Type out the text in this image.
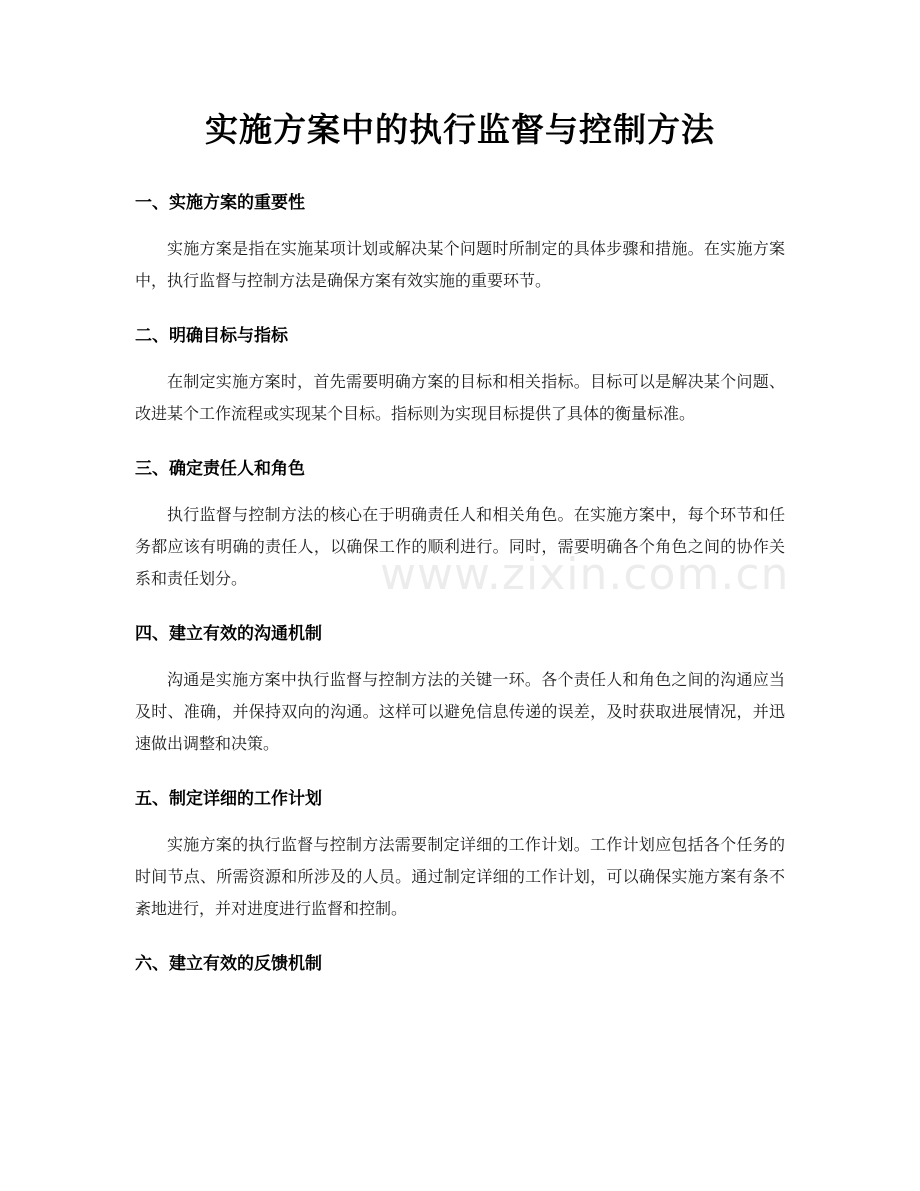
实施方案中的执行监督与控制方法
一、实施方案的重要性

实施方案是指在实施某项计划或解决某个问题时所制定的具体步骤和措施。在实施方案中，执行监督与控制方法是确保方案有效实施的重要环节。

二、明确目标与指标

在制定实施方案时，首先需要明确方案的目标和相关指标。目标可以是解决某个问题、改进某个工作流程或实现某个目标。指标则为实现目标提供了具体的衡量标准。

三、确定责任人和角色

执行监督与控制方法的核心在于明确责任人和相关角色。在实施方案中，每个环节和任务都应该有明确的责任人，以确保工作的顺利进行。同时，需要明确各个角色之间的协作关系和责任划分。

四、建立有效的沟通机制

沟通是实施方案中执行监督与控制方法的关键一环。各个责任人和角色之间的沟通应当及时、准确，并保持双向的沟通。这样可以避免信息传递的误差，及时获取进展情况，并迅速做出调整和决策。

五、制定详细的工作计划

实施方案的执行监督与控制方法需要制定详细的工作计划。工作计划应包括各个任务的时间节点、所需资源和所涉及的人员。通过制定详细的工作计划，可以确保实施方案有条不紊地进行，并对进度进行监督和控制。

六、建立有效的反馈机制
www.zixin.com.cn
